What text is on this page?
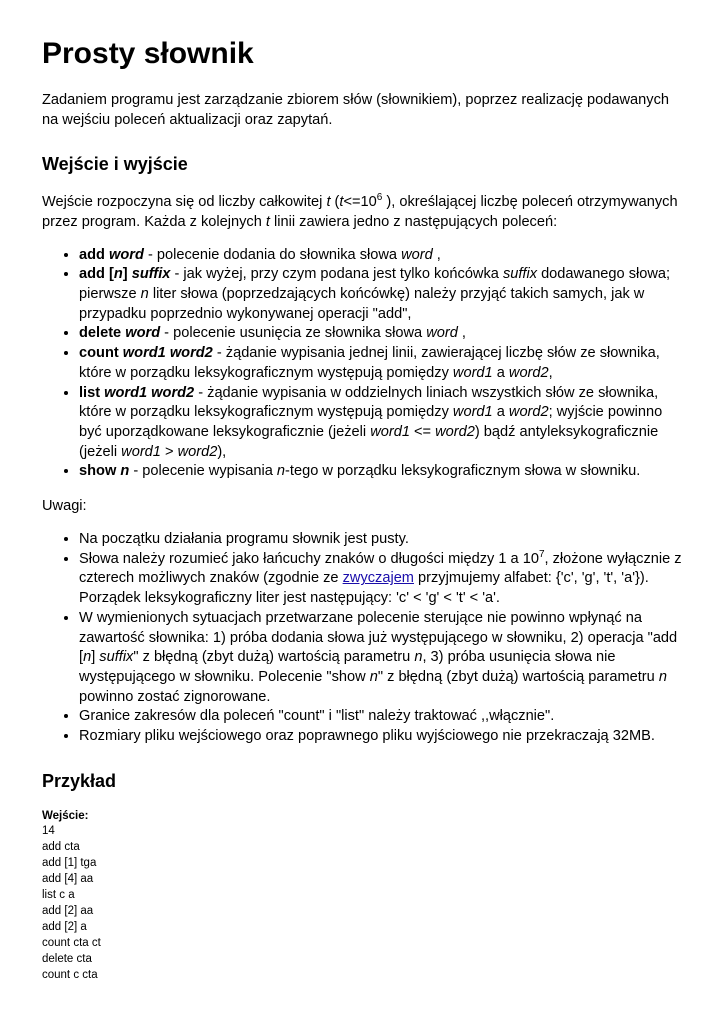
Prosty słownik

Zadaniem programu jest zarządzanie zbiorem słów (słownikiem), poprzez realizację podawanych na wejściu poleceń aktualizacji oraz zapytań.

Wejście i wyjście

Wejście rozpoczyna się od liczby całkowitej t ($t<=10^6$ ), określającej liczbę poleceń otrzymywanych przez program. Każda z kolejnych t linii zawiera jedno z następujących poleceń:

• add word - polecenie dodania do słownika słowa word ,
• add [n] suffix - jak wyżej, przy czym podana jest tylko końcówka suffix dodawanego słowa; pierwsze n liter słowa (poprzedzających końcówkę) należy przyjąć takich samych, jak w przypadku poprzednio wykonywanej operacji "add",
• delete word - polecenie usunięcia ze słownika słowa word ,
• count word1 word2 - żądanie wypisania jednej linii, zawierającej liczbę słów ze słownika, które w porządku leksykograficznym występują pomiędzy word1 a word2,
• list word1 word2 - żądanie wypisania w oddzielnych liniach wszystkich słów ze słownika, które w porządku leksykograficznym występują pomiędzy word1 a word2; wyjście powinno być uporządkowane leksykograficznie (jeżeli word1 <= word2) bądź antyleksykograficznie (jeżeli word1 > word2),
• show n - polecenie wypisania n-tego w porządku leksykograficznym słowa w słowniku.

Uwagi:

• Na początku działania programu słownik jest pusty.
• Słowa należy rozumieć jako łańcuchy znaków o długości między 1 a $10^7$, złożone wyłącznie z czterech możliwych znaków (zgodnie ze zwyczajem przyjmujemy alfabet: {'c', 'g', 't', 'a'}). Porządek leksykograficzny liter jest następujący: 'c' < 'g' < 't' < 'a'.
• W wymienionych sytuacjach przetwarzane polecenie sterujące nie powinno wpłynąć na zawartość słownika: 1) próba dodania słowa już występującego w słowniku, 2) operacja "add [n] suffix" z błędną (zbyt dużą) wartością parametru n, 3) próba usunięcia słowa nie występującego w słowniku. Polecenie "show n" z błędną (zbyt dużą) wartością parametru n powinno zostać zignorowane.
• Granice zakresów dla poleceń "count" i "list" należy traktować ,,włącznie".
• Rozmiary pliku wejściowego oraz poprawnego pliku wyjściowego nie przekraczają 32MB.
Przykład
Wejście:
14
add cta
add [1] tga
add [4] aa
list c a
add [2] aa
add [2] a
count cta ct
delete cta
count c cta
